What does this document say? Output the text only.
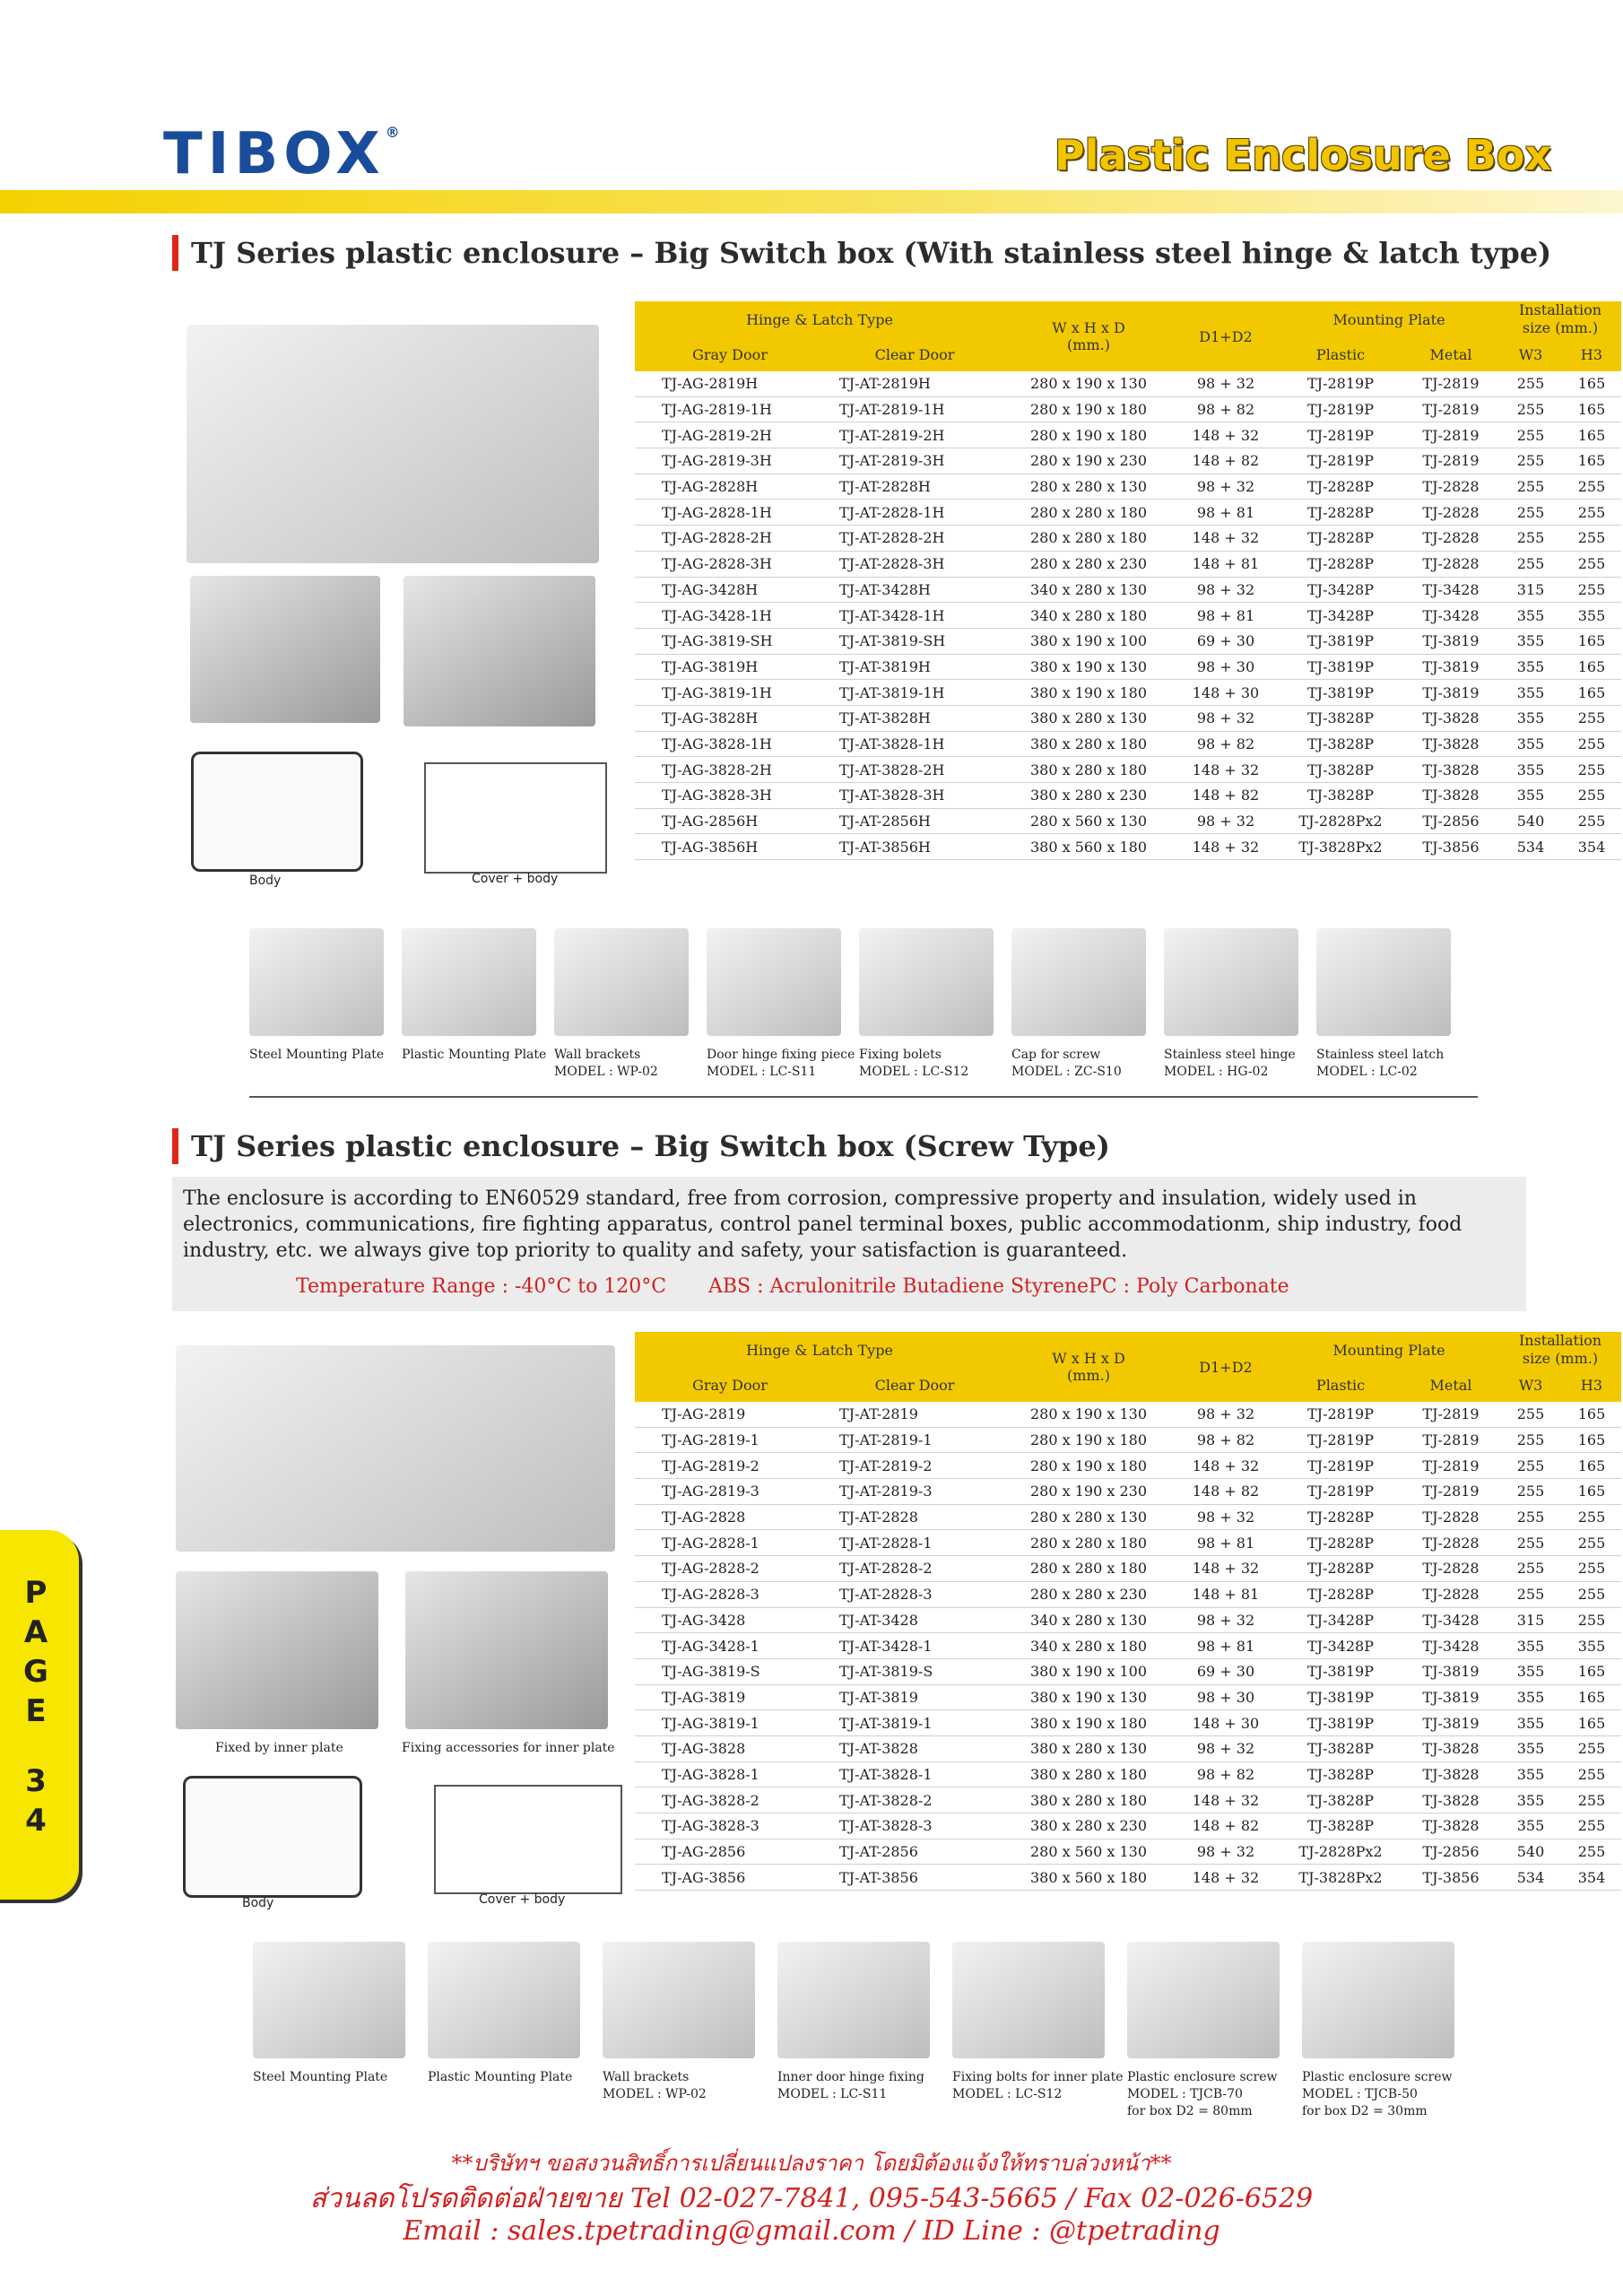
TIBOX®	Plastic Enclosure Box
TJ Series plastic enclosure – Big Switch box (With stainless steel hinge & latch type)
Body	Cover + body
Hinge & Latch Type		W x H x D
(mm.)	D1+D2	Mounting Plate		Installation
size (mm.)	
Gray Door	Clear Door			Plastic	Metal	W3	H3
TJ-AG-2819H	TJ-AT-2819H	280 x 190 x 130	98 + 32	TJ-2819P	TJ-2819	255	165
TJ-AG-2819-1H	TJ-AT-2819-1H	280 x 190 x 180	98 + 82	TJ-2819P	TJ-2819	255	165
TJ-AG-2819-2H	TJ-AT-2819-2H	280 x 190 x 180	148 + 32	TJ-2819P	TJ-2819	255	165
TJ-AG-2819-3H	TJ-AT-2819-3H	280 x 190 x 230	148 + 82	TJ-2819P	TJ-2819	255	165
TJ-AG-2828H	TJ-AT-2828H	280 x 280 x 130	98 + 32	TJ-2828P	TJ-2828	255	255
TJ-AG-2828-1H	TJ-AT-2828-1H	280 x 280 x 180	98 + 81	TJ-2828P	TJ-2828	255	255
TJ-AG-2828-2H	TJ-AT-2828-2H	280 x 280 x 180	148 + 32	TJ-2828P	TJ-2828	255	255
TJ-AG-2828-3H	TJ-AT-2828-3H	280 x 280 x 230	148 + 81	TJ-2828P	TJ-2828	255	255
TJ-AG-3428H	TJ-AT-3428H	340 x 280 x 130	98 + 32	TJ-3428P	TJ-3428	315	255
TJ-AG-3428-1H	TJ-AT-3428-1H	340 x 280 x 180	98 + 81	TJ-3428P	TJ-3428	355	355
TJ-AG-3819-SH	TJ-AT-3819-SH	380 x 190 x 100	69 + 30	TJ-3819P	TJ-3819	355	165
TJ-AG-3819H	TJ-AT-3819H	380 x 190 x 130	98 + 30	TJ-3819P	TJ-3819	355	165
TJ-AG-3819-1H	TJ-AT-3819-1H	380 x 190 x 180	148 + 30	TJ-3819P	TJ-3819	355	165
TJ-AG-3828H	TJ-AT-3828H	380 x 280 x 130	98 + 32	TJ-3828P	TJ-3828	355	255
TJ-AG-3828-1H	TJ-AT-3828-1H	380 x 280 x 180	98 + 82	TJ-3828P	TJ-3828	355	255
TJ-AG-3828-2H	TJ-AT-3828-2H	380 x 280 x 180	148 + 32	TJ-3828P	TJ-3828	355	255
TJ-AG-3828-3H	TJ-AT-3828-3H	380 x 280 x 230	148 + 82	TJ-3828P	TJ-3828	355	255
TJ-AG-2856H	TJ-AT-2856H	280 x 560 x 130	98 + 32	TJ-2828Px2	TJ-2856	540	255
TJ-AG-3856H	TJ-AT-3856H	380 x 560 x 180	148 + 32	TJ-3828Px2	TJ-3856	534	354
Steel Mounting Plate Plastic Mounting Plate Wall brackets
MODEL : WP-02
Door hinge fixing piece
MODEL : LC-S11
Fixing bolets
MODEL : LC-S12
Cap for screw
MODEL : ZC-S10
Stainless steel hinge
MODEL : HG-02
Stainless steel latch
MODEL : LC-02
TJ Series plastic enclosure – Big Switch box (Screw Type)
The enclosure is according to EN60529 standard, free from corrosion, compressive property and insulation, widely used in electronics, communications, fire fighting apparatus, control panel terminal boxes, public accommodationm, ship industry, food industry, etc. we always give top priority to quality and safety, your satisfaction is guaranteed.
Temperature Range : -40°C to 120°C ABS : Acrulonitrile Butadiene Styrene PC : Poly Carbonate
Fixed by inner plate	Fixing accessories for inner plate
Body	Cover + body
Hinge & Latch Type		W x H x D
(mm.)	D1+D2	Mounting Plate		Installation
size (mm.)	
Gray Door	Clear Door			Plastic	Metal	W3	H3
TJ-AG-2819	TJ-AT-2819	280 x 190 x 130	98 + 32	TJ-2819P	TJ-2819	255	165
TJ-AG-2819-1	TJ-AT-2819-1	280 x 190 x 180	98 + 82	TJ-2819P	TJ-2819	255	165
TJ-AG-2819-2	TJ-AT-2819-2	280 x 190 x 180	148 + 32	TJ-2819P	TJ-2819	255	165
TJ-AG-2819-3	TJ-AT-2819-3	280 x 190 x 230	148 + 82	TJ-2819P	TJ-2819	255	165
TJ-AG-2828	TJ-AT-2828	280 x 280 x 130	98 + 32	TJ-2828P	TJ-2828	255	255
TJ-AG-2828-1	TJ-AT-2828-1	280 x 280 x 180	98 + 81	TJ-2828P	TJ-2828	255	255
TJ-AG-2828-2	TJ-AT-2828-2	280 x 280 x 180	148 + 32	TJ-2828P	TJ-2828	255	255
TJ-AG-2828-3	TJ-AT-2828-3	280 x 280 x 230	148 + 81	TJ-2828P	TJ-2828	255	255
TJ-AG-3428	TJ-AT-3428	340 x 280 x 130	98 + 32	TJ-3428P	TJ-3428	315	255
TJ-AG-3428-1	TJ-AT-3428-1	340 x 280 x 180	98 + 81	TJ-3428P	TJ-3428	355	355
TJ-AG-3819-S	TJ-AT-3819-S	380 x 190 x 100	69 + 30	TJ-3819P	TJ-3819	355	165
TJ-AG-3819	TJ-AT-3819	380 x 190 x 130	98 + 30	TJ-3819P	TJ-3819	355	165
TJ-AG-3819-1	TJ-AT-3819-1	380 x 190 x 180	148 + 30	TJ-3819P	TJ-3819	355	165
TJ-AG-3828	TJ-AT-3828	380 x 280 x 130	98 + 32	TJ-3828P	TJ-3828	355	255
TJ-AG-3828-1	TJ-AT-3828-1	380 x 280 x 180	98 + 82	TJ-3828P	TJ-3828	355	255
TJ-AG-3828-2	TJ-AT-3828-2	380 x 280 x 180	148 + 32	TJ-3828P	TJ-3828	355	255
TJ-AG-3828-3	TJ-AT-3828-3	380 x 280 x 230	148 + 82	TJ-3828P	TJ-3828	355	255
TJ-AG-2856	TJ-AT-2856	280 x 560 x 130	98 + 32	TJ-2828Px2	TJ-2856	540	255
TJ-AG-3856	TJ-AT-3856	380 x 560 x 180	148 + 32	TJ-3828Px2	TJ-3856	534	354
Steel Mounting Plate	Plastic Mounting Plate Wall brackets
MODEL : WP-02
Inner door hinge fixing
MODEL : LC-S11
Fixing bolts for inner plate
MODEL : LC-S12
Plastic enclosure screw
MODEL : TJCB-70
for box D2 = 80mm
Plastic enclosure screw
MODEL : TJCB-50
for box D2 = 30mm
P
A
G
E
3
4
**บริษัทฯ ขอสงวนสิทธิ์การเปลี่ยนแปลงราคา โดยมิต้องแจ้งให้ทราบล่วงหน้า**
ส่วนลดโปรดติดต่อฝ่ายขาย Tel 02-027-7841, 095-543-5665 / Fax 02-026-6529
Email : sales.tpetrading@gmail.com / ID Line : @tpetrading
